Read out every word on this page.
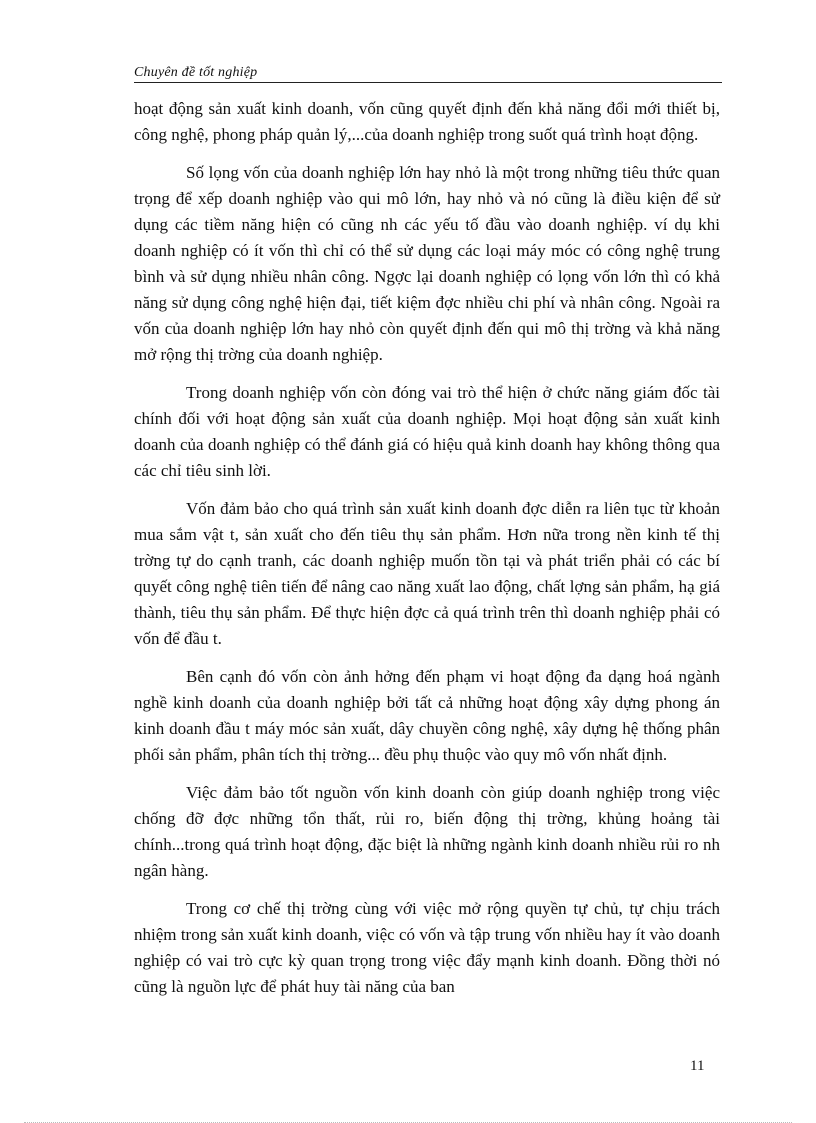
Chuyên đề tốt nghiệp

hoạt động sản xuất kinh doanh, vốn cũng quyết định đến khả năng đổi mới thiết bị, công nghệ, phong pháp quản lý,...của doanh nghiệp trong suốt quá trình hoạt động.

Số lọng vốn của doanh nghiệp lớn hay nhỏ là một trong những tiêu thức quan trọng để xếp doanh nghiệp vào qui mô lớn, hay nhỏ và nó cũng là điều kiện để sử dụng các tiềm năng hiện có cũng nh các yếu tố đầu vào doanh nghiệp. ví dụ khi doanh nghiệp có ít vốn thì chỉ có thể sử dụng các loại máy móc có công nghệ trung bình và sử dụng nhiều nhân công. Ngợc lại doanh nghiệp có lọng vốn lớn thì có khả năng sử dụng công nghệ hiện đại, tiết kiệm đợc nhiều chi phí và nhân công. Ngoài ra vốn của doanh nghiệp lớn hay nhỏ còn quyết định đến qui mô thị trờng và khả năng mở rộng thị trờng của doanh nghiệp.

Trong doanh nghiệp vốn còn đóng vai trò thể hiện ở chức năng giám đốc tài chính đối với hoạt động sản xuất của doanh nghiệp. Mọi hoạt động sản xuất kinh doanh của doanh nghiệp có thể đánh giá có hiệu quả kinh doanh hay không thông qua các chỉ tiêu sinh lời.

Vốn đảm bảo cho quá trình sản xuất kinh doanh đợc diễn ra liên tục từ khoản mua sắm vật t, sản xuất cho đến tiêu thụ sản phẩm. Hơn nữa trong nền kinh tế thị trờng tự do cạnh tranh, các doanh nghiệp muốn tồn tại và phát triển phải có các bí quyết công nghệ tiên tiến để nâng cao năng xuất lao động, chất lợng sản phẩm, hạ giá thành, tiêu thụ sản phẩm. Để thực hiện đợc cả quá trình trên thì doanh nghiệp phải có vốn để đầu t.

Bên cạnh đó vốn còn ảnh hởng đến phạm vi hoạt động đa dạng hoá ngành nghề kinh doanh của doanh nghiệp bởi tất cả những hoạt động xây dựng phong án kinh doanh đầu t máy móc sản xuất, dây chuyền công nghệ, xây dựng hệ thống phân phối sản phẩm, phân tích thị trờng... đều phụ thuộc vào quy mô vốn nhất định.

Việc đảm bảo tốt nguồn vốn kinh doanh còn giúp doanh nghiệp trong việc chống đỡ đợc những tổn thất, rủi ro, biến động thị trờng, khủng hoảng tài chính...trong quá trình hoạt động, đặc biệt là những ngành kinh doanh nhiều rủi ro nh ngân hàng.

Trong cơ chế thị trờng cùng với việc mở rộng quyền tự chủ, tự chịu trách nhiệm trong sản xuất kinh doanh, việc có vốn và tập trung vốn nhiều hay ít vào doanh nghiệp có vai trò cực kỳ quan trọng trong việc đẩy mạnh kinh doanh. Đồng thời nó cũng là nguồn lực để phát huy tài năng của ban

11
